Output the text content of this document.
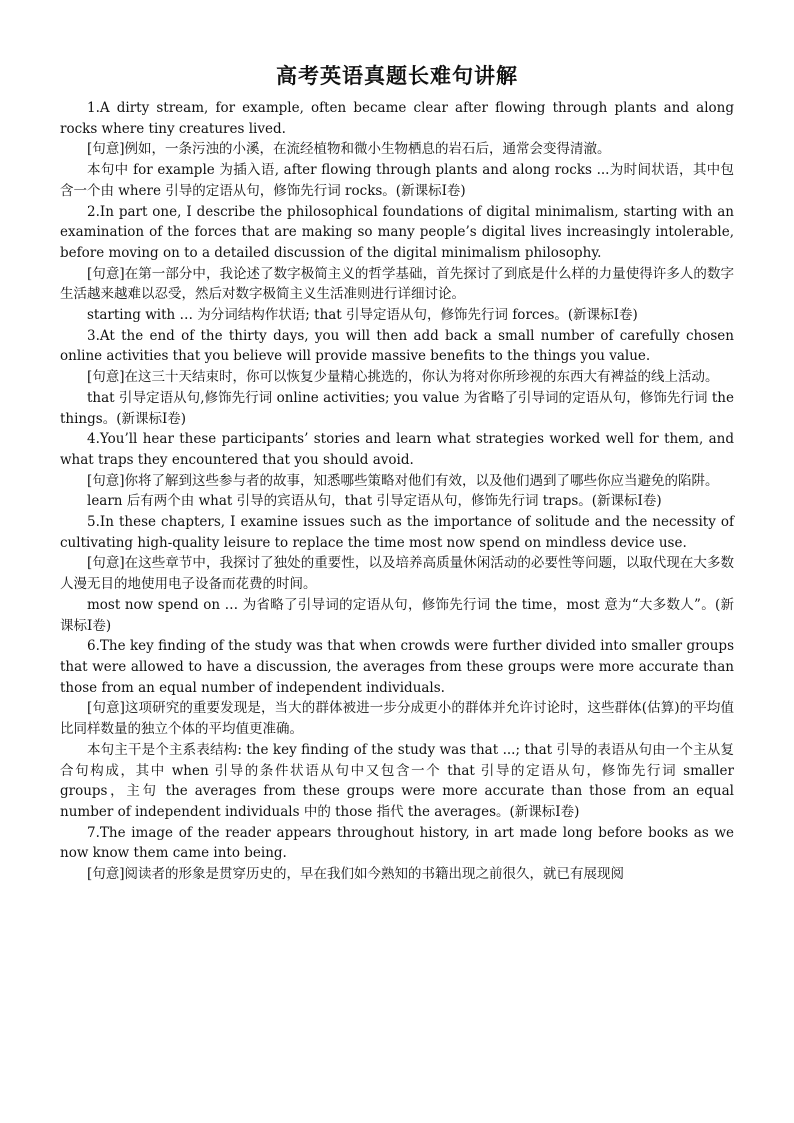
高考英语真题长难句讲解

1.A dirty stream, for example, often became clear after flowing through plants and along rocks where tiny creatures lived.

[句意]例如，一条污浊的小溪，在流经植物和微小生物栖息的岩石后，通常会变得清澈。

本句中 for example 为插入语, after flowing through plants and along rocks ...为时间状语，其中包含一个由 where 引导的定语从句，修饰先行词 rocks。(新课标Ⅰ卷)

2.In part one, I describe the philosophical foundations of digital minimalism, starting with an examination of the forces that are making so many people’s digital lives increasingly intolerable, before moving on to a detailed discussion of the digital minimalism philosophy.

[句意]在第一部分中，我论述了数字极简主义的哲学基础，首先探讨了到底是什么样的力量使得许多人的数字生活越来越难以忍受，然后对数字极简主义生活准则进行详细讨论。

starting with … 为分词结构作状语; that 引导定语从句，修饰先行词 forces。(新课标Ⅰ卷)

3.At the end of the thirty days, you will then add back a small number of carefully chosen online activities that you believe will provide massive benefits to the things you value.

[句意]在这三十天结束时，你可以恢复少量精心挑选的，你认为将对你所珍视的东西大有裨益的线上活动。

that 引导定语从句,修饰先行词 online activities; you value 为省略了引导词的定语从句，修饰先行词 the things。(新课标Ⅰ卷)

4.You’ll hear these participants’ stories and learn what strategies worked well for them, and what traps they encountered that you should avoid.

[句意]你将了解到这些参与者的故事，知悉哪些策略对他们有效，以及他们遇到了哪些你应当避免的陷阱。

learn 后有两个由 what 引导的宾语从句，that 引导定语从句，修饰先行词 traps。(新课标Ⅰ卷)

5.In these chapters, I examine issues such as the importance of solitude and the necessity of cultivating high-quality leisure to replace the time most now spend on mindless device use.

[句意]在这些章节中，我探讨了独处的重要性，以及培养高质量休闲活动的必要性等问题，以取代现在大多数人漫无目的地使用电子设备而花费的时间。

most now spend on … 为省略了引导词的定语从句，修饰先行词 the time，most 意为“大多数人”。(新课标Ⅰ卷)

6.The key finding of the study was that when crowds were further divided into smaller groups that were allowed to have a discussion, the averages from these groups were more accurate than those from an equal number of independent individuals.

[句意]这项研究的重要发现是，当大的群体被进一步分成更小的群体并允许讨论时，这些群体(估算)的平均值比同样数量的独立个体的平均值更准确。

本句主干是个主系表结构: the key finding of the study was that ...; that 引导的表语从句由一个主从复合句构成，其中 when 引导的条件状语从句中又包含一个 that 引导的定语从句，修饰先行词 smaller groups，主句 the averages from these groups were more accurate than those from an equal number of independent individuals 中的 those 指代 the averages。(新课标Ⅰ卷)

7.The image of the reader appears throughout history, in art made long before books as we now know them came into being.

[句意]阅读者的形象是贯穿历史的，早在我们如今熟知的书籍出现之前很久，就已有展现阅
